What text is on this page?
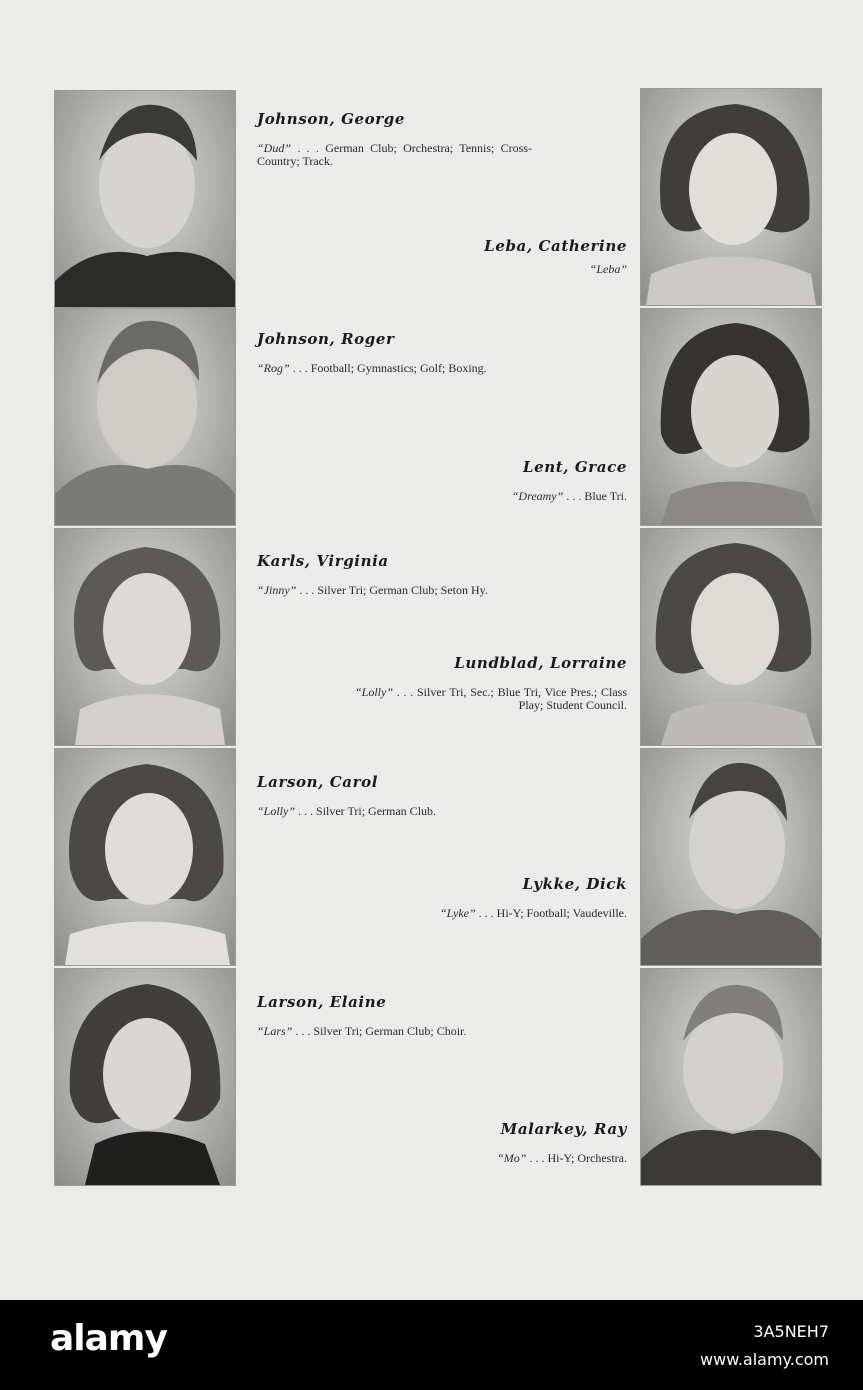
Johnson, George
“Dud” . . . German Club; Orchestra; Tennis; Cross-Country; Track.
Johnson, Roger
“Rog” . . . Football; Gymnastics; Golf; Boxing.
Karls, Virginia
“Jinny” . . . Silver Tri; German Club; Seton Hy.
Larson, Carol
“Lolly” . . . Silver Tri; German Club.
Larson, Elaine
“Lars” . . . Silver Tri; German Club; Choir.
Leba, Catherine
“Leba”
Lent, Grace
“Dreamy” . . . Blue Tri.
Lundblad, Lorraine
“Lolly” . . . Silver Tri, Sec.; Blue Tri, Vice Pres.; Class Play; Student Council.
Lykke, Dick
“Lyke” . . . Hi-Y; Football; Vaudeville.
Malarkey, Ray
“Mo” . . . Hi-Y; Orchestra.
alamy	3A5NEH7
www.alamy.com
